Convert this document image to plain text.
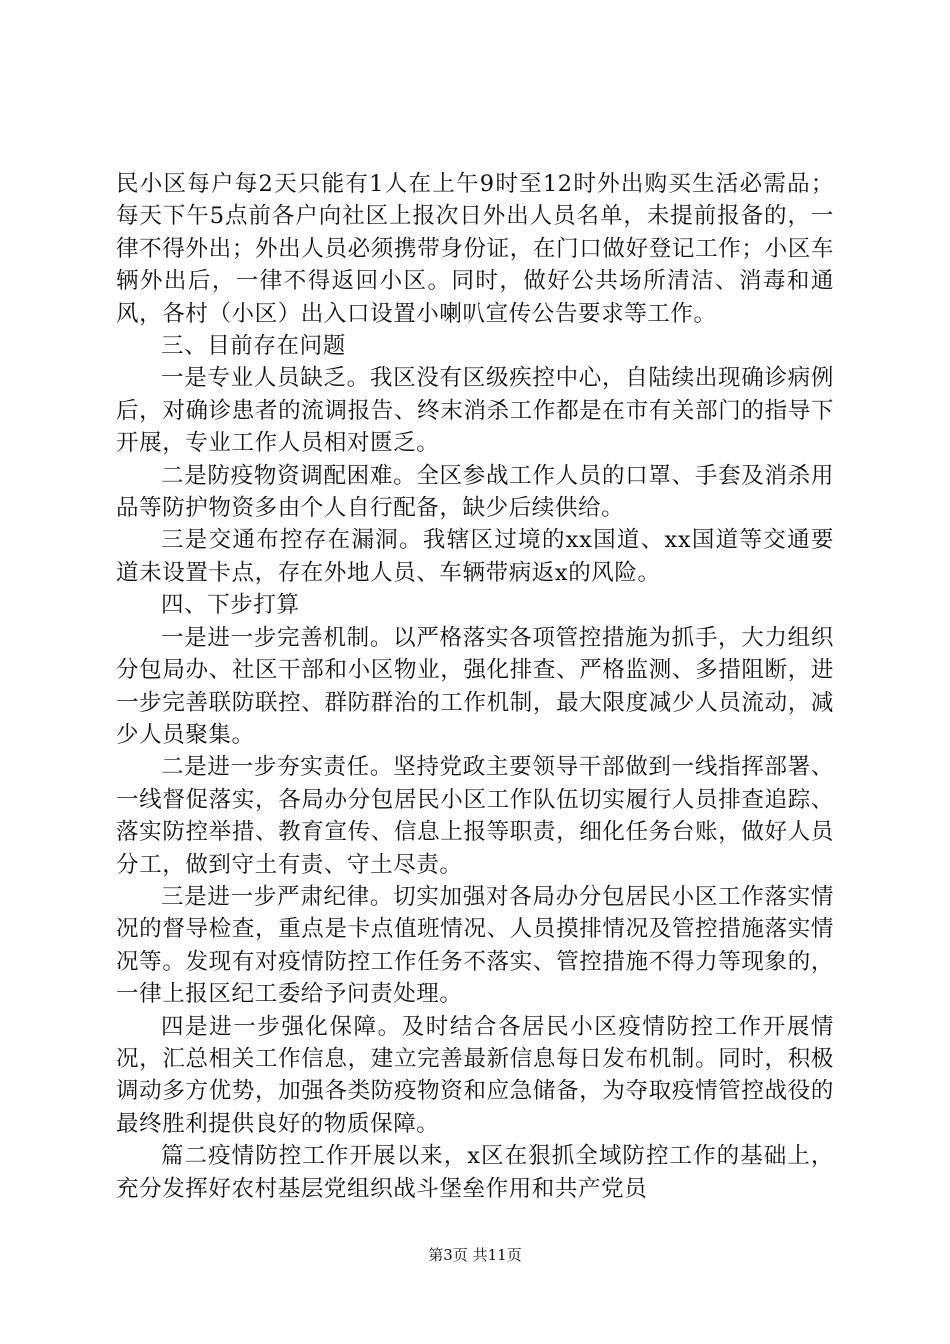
民小区每户每2天只能有1人在上午9时至12时外出购买生活必需品；每天下午5点前各户向社区上报次日外出人员名单，未提前报备的，一律不得外出；外出人员必须携带身份证，在门口做好登记工作；小区车辆外出后，一律不得返回小区。同时，做好公共场所清洁、消毒和通风，各村（小区）出入口设置小喇叭宣传公告要求等工作。

三、目前存在问题

一是专业人员缺乏。我区没有区级疾控中心，自陆续出现确诊病例后，对确诊患者的流调报告、终末消杀工作都是在市有关部门的指导下开展，专业工作人员相对匮乏。

二是防疫物资调配困难。全区参战工作人员的口罩、手套及消杀用品等防护物资多由个人自行配备，缺少后续供给。

三是交通布控存在漏洞。我辖区过境的xx国道、xx国道等交通要道未设置卡点，存在外地人员、车辆带病返x的风险。

四、下步打算

一是进一步完善机制。以严格落实各项管控措施为抓手，大力组织分包局办、社区干部和小区物业，强化排查、严格监测、多措阻断，进一步完善联防联控、群防群治的工作机制，最大限度减少人员流动，减少人员聚集。

二是进一步夯实责任。坚持党政主要领导干部做到一线指挥部署、一线督促落实，各局办分包居民小区工作队伍切实履行人员排查追踪、落实防控举措、教育宣传、信息上报等职责，细化任务台账，做好人员分工，做到守土有责、守土尽责。

三是进一步严肃纪律。切实加强对各局办分包居民小区工作落实情况的督导检查，重点是卡点值班情况、人员摸排情况及管控措施落实情况等。发现有对疫情防控工作任务不落实、管控措施不得力等现象的，一律上报区纪工委给予问责处理。

四是进一步强化保障。及时结合各居民小区疫情防控工作开展情况，汇总相关工作信息，建立完善最新信息每日发布机制。同时，积极调动多方优势，加强各类防疫物资和应急储备，为夺取疫情管控战役的最终胜利提供良好的物质保障。

篇二疫情防控工作开展以来，x区在狠抓全域防控工作的基础上，充分发挥好农村基层党组织战斗堡垒作用和共产党员

第3页 共11页
